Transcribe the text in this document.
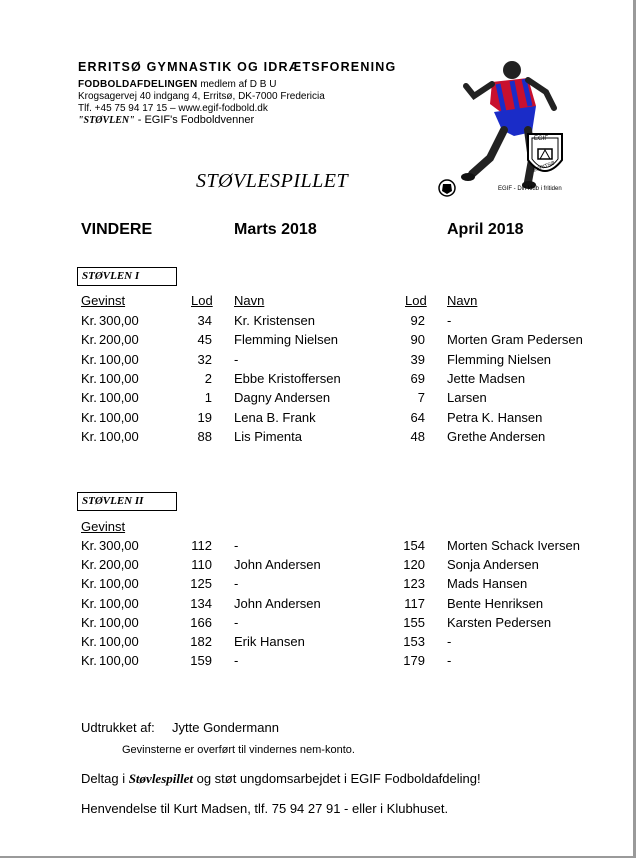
ERRITSØ GYMNASTIK OG IDRÆTSFORENING
FODBOLDAFDELINGEN medlem af D B U
Krogsagervej 40 indgang 4, Erritsø, DK-7000 Fredericia
Tlf. +45 75 94 17 15 – www.egif-fodbold.dk
"STØVLEN" - EGIF's Fodboldvenner
EGIF
ERRITSØ
EGIF - Din klub i fritiden
STØVLESPILLET
VINDERE	Marts 2018	April 2018
STØVLEN I
Gevinst	Lod Navn	Lod Navn
Kr. 300,00	34 Kr. Kristensen	92 -
Kr. 200,00	45 Flemming Nielsen	90 Morten Gram Pedersen
Kr. 100,00	32 -	39 Flemming Nielsen
Kr. 100,00	2 Ebbe Kristoffersen	69 Jette Madsen
Kr. 100,00	1 Dagny Andersen	7 Larsen
Kr. 100,00	19 Lena B. Frank	64 Petra K. Hansen
Kr. 100,00	88 Lis Pimenta	48 Grethe Andersen
STØVLEN II
Gevinst
Kr. 300,00	112 -	154 Morten Schack Iversen
Kr. 200,00	110 John Andersen	120 Sonja Andersen
Kr. 100,00	125 -	123 Mads Hansen
Kr. 100,00	134 John Andersen	117 Bente Henriksen
Kr. 100,00	166 -	155 Karsten Pedersen
Kr. 100,00	182 Erik Hansen	153 -
Kr. 100,00	159 -	179 -
Udtrukket af: Jytte Gondermann
Gevinsterne er overført til vindernes nem-konto.
Deltag i Støvlespillet og støt ungdomsarbejdet i EGIF Fodboldafdeling!
Henvendelse til Kurt Madsen, tlf. 75 94 27 91 - eller i Klubhuset.
